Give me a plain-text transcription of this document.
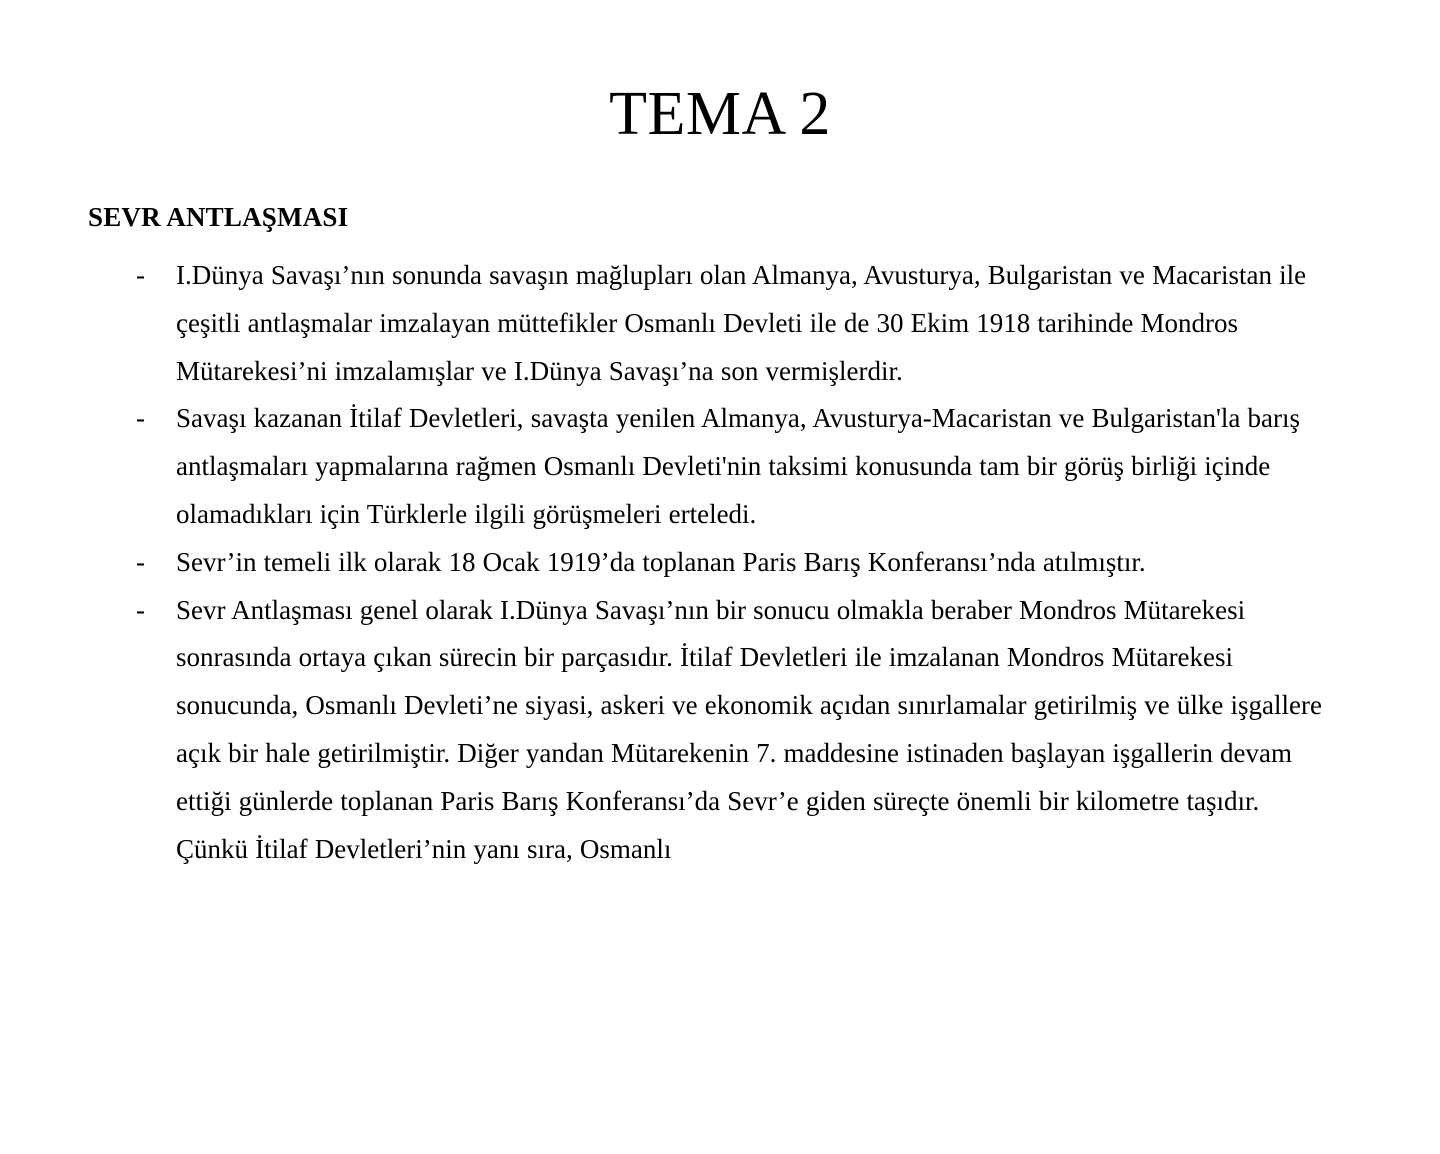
TEMA 2
SEVR ANTLAŞMASI
- I.Dünya Savaşı’nın sonunda savaşın mağlupları olan Almanya, Avusturya, Bulgaristan ve Macaristan ile çeşitli antlaşmalar imzalayan müttefikler Osmanlı Devleti ile de 30 Ekim 1918 tarihinde Mondros Mütarekesi’ni imzalamışlar ve I.Dünya Savaşı’na son vermişlerdir.
- Savaşı kazanan İtilaf Devletleri, savaşta yenilen Almanya, Avusturya-Macaristan ve Bulgaristan'la barış antlaşmaları yapmalarına rağmen Osmanlı Devleti'nin taksimi konusunda tam bir görüş birliği içinde olamadıkları için Türklerle ilgili görüşmeleri erteledi.
- Sevr’in temeli ilk olarak 18 Ocak 1919’da toplanan Paris Barış Konferansı’nda atılmıştır.
- Sevr Antlaşması genel olarak I.Dünya Savaşı’nın bir sonucu olmakla beraber Mondros Mütarekesi sonrasında ortaya çıkan sürecin bir parçasıdır. İtilaf Devletleri ile imzalanan Mondros Mütarekesi sonucunda, Osmanlı Devleti’ne siyasi, askeri ve ekonomik açıdan sınırlamalar getirilmiş ve ülke işgallere açık bir hale getirilmiştir. Diğer yandan Mütarekenin 7. maddesine istinaden başlayan işgallerin devam ettiği günlerde toplanan Paris Barış Konferansı’da Sevr’e giden süreçte önemli bir kilometre taşıdır. Çünkü İtilaf Devletleri’nin yanı sıra, Osmanlı
